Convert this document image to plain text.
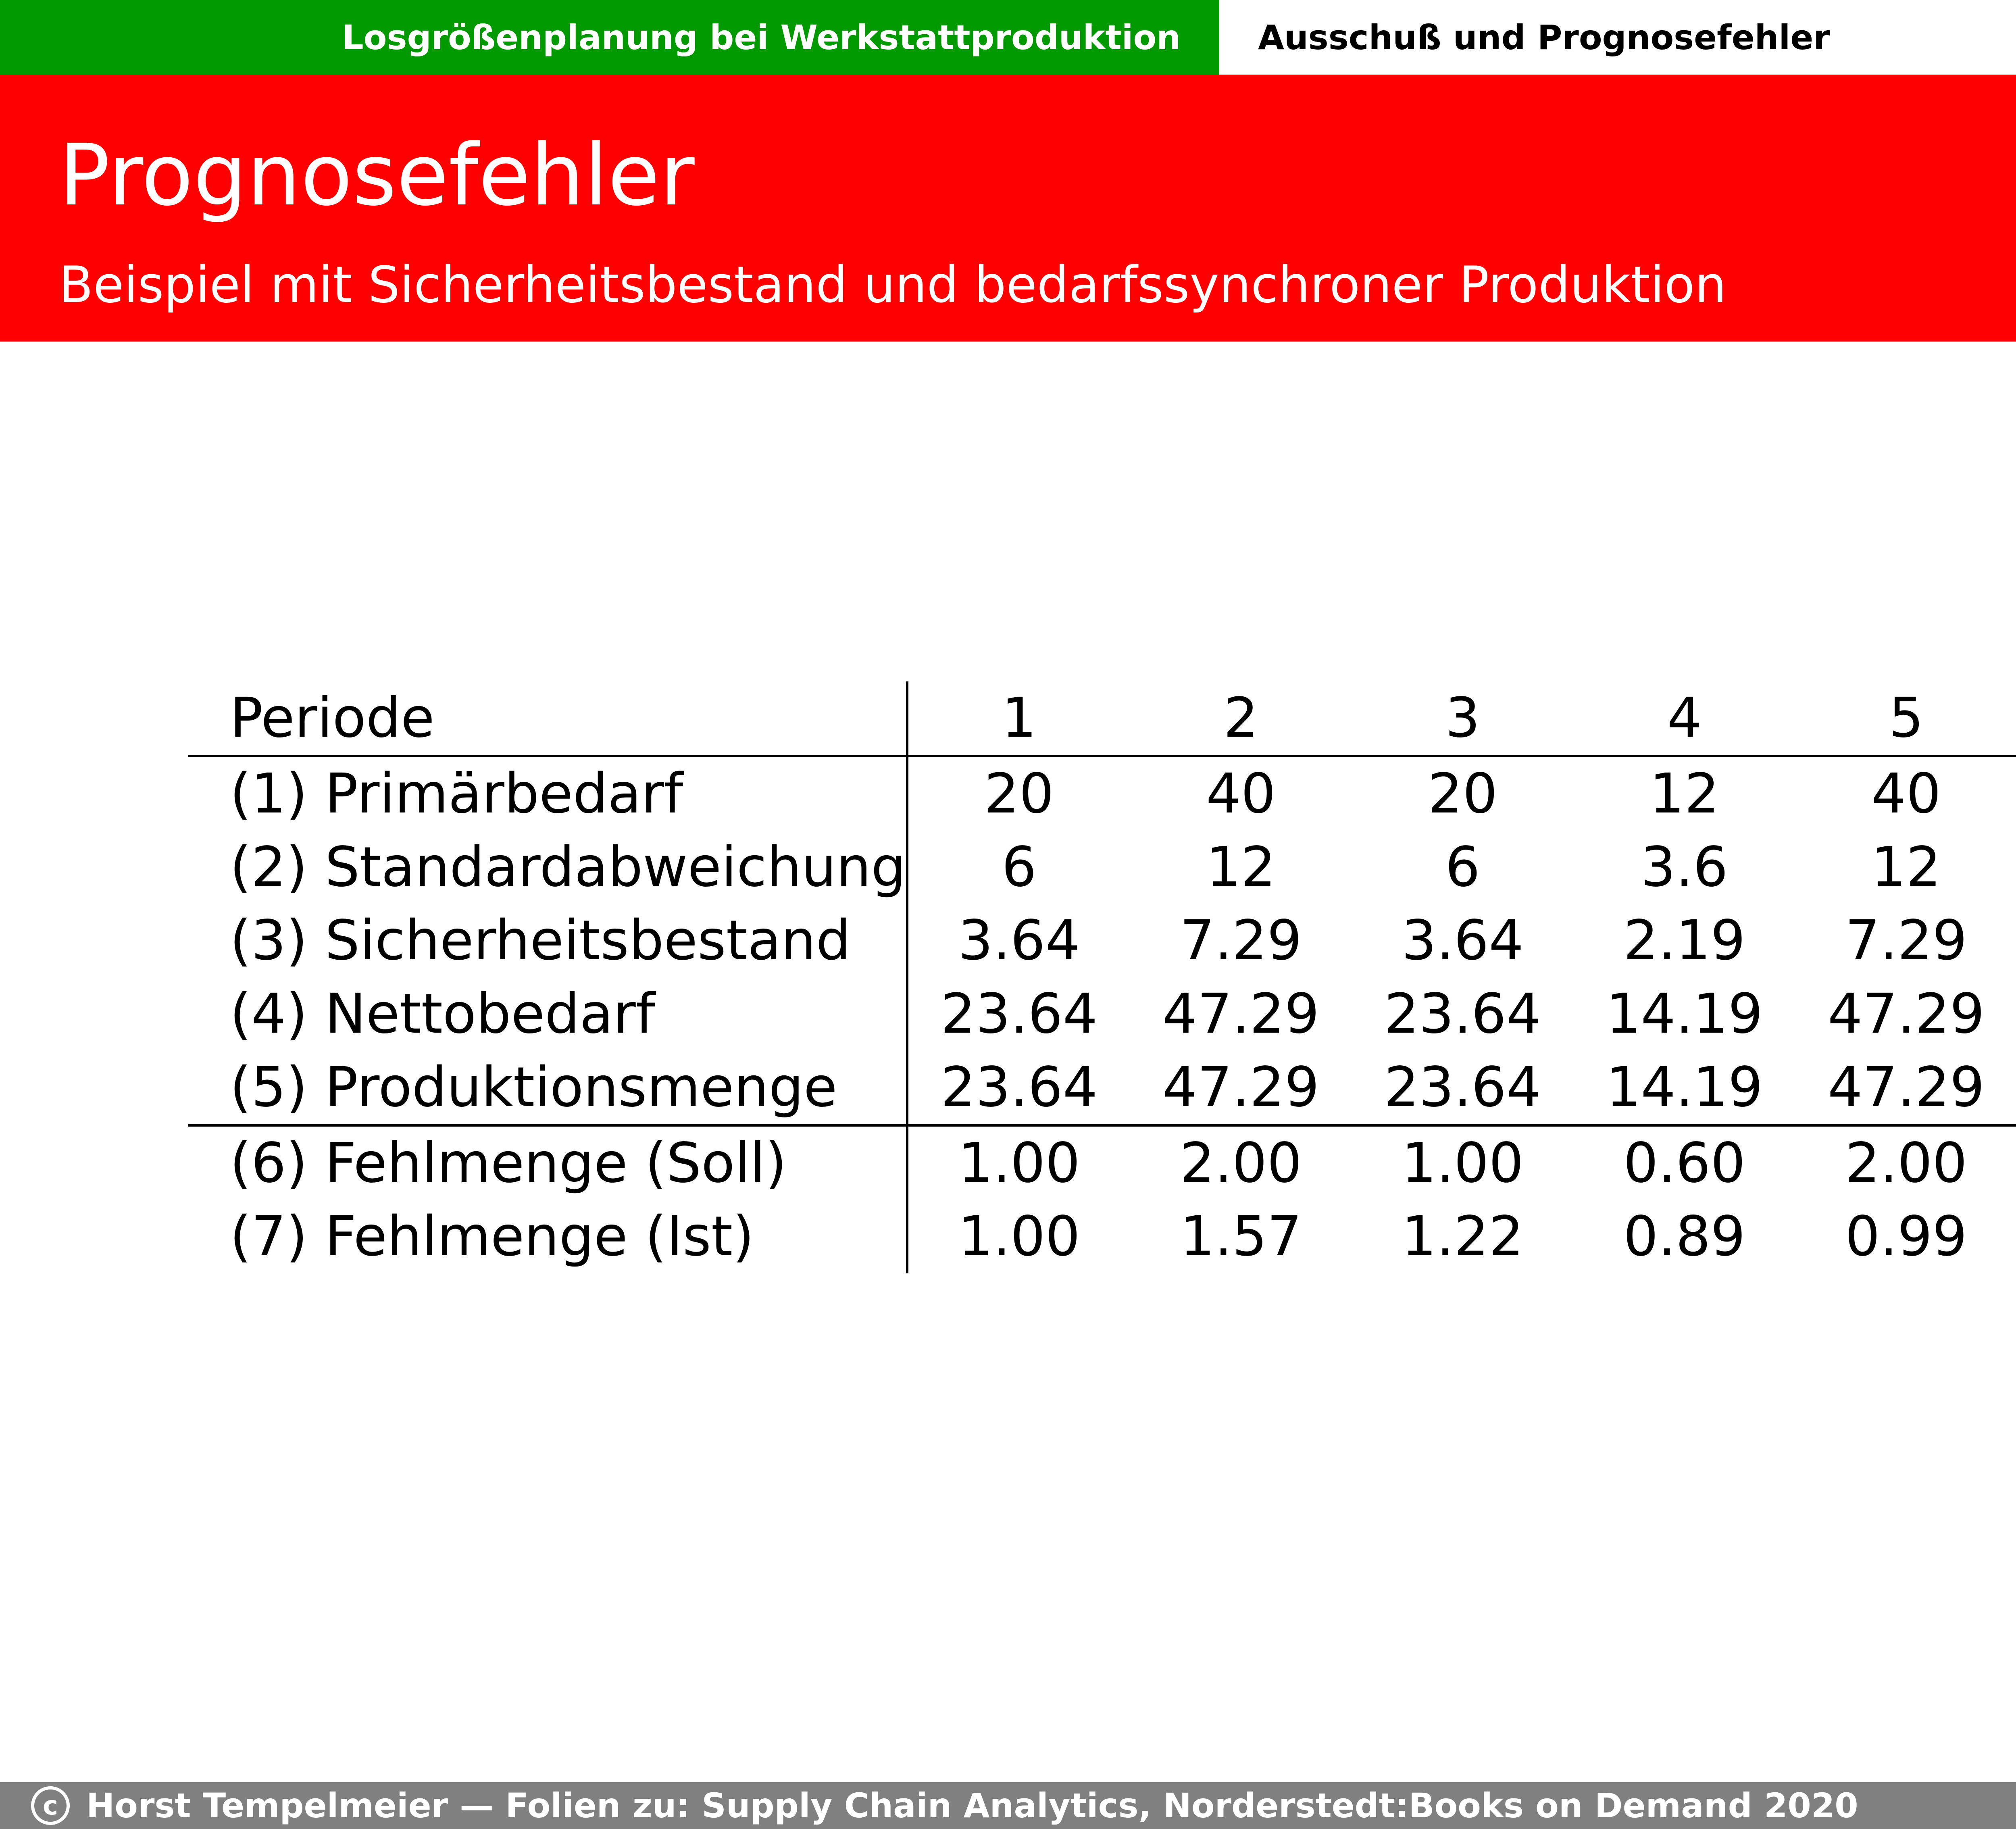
Losgrößenplanung bei Werkstattproduktion Ausschuß und Prognosefehler
Prognosefehler
Beispiel mit Sicherheitsbestand und bedarfssynchroner Produktion
Periode	1	2	3	4	5	
(1) Primärbedarf	20	40	20	12	40	
(2) Standardabweichung	6	12	6	3.6	12	
(3) Sicherheitsbestand	3.64	7.29	3.64	2.19	7.29	
(4) Nettobedarf	23.64	47.29	23.64	14.19	47.29	
(5) Produktionsmenge	23.64	47.29	23.64	14.19	47.29	
(6) Fehlmenge (Soll)	1.00	2.00	1.00	0.60	2.00	
(7) Fehlmenge (Ist)	1.00	1.57	1.22	0.89	0.99	
c Horst Tempelmeier — Folien zu: Supply Chain Analytics, Norderstedt:Books on Demand 2020
